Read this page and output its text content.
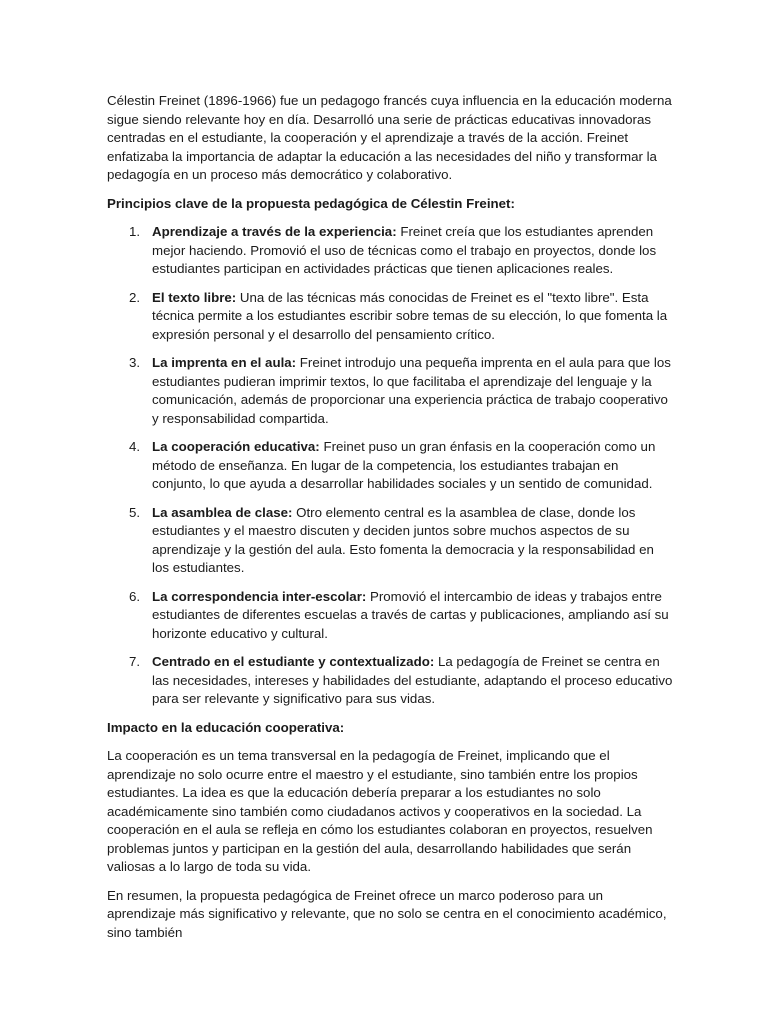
Célestin Freinet (1896-1966) fue un pedagogo francés cuya influencia en la educación moderna sigue siendo relevante hoy en día. Desarrolló una serie de prácticas educativas innovadoras centradas en el estudiante, la cooperación y el aprendizaje a través de la acción. Freinet enfatizaba la importancia de adaptar la educación a las necesidades del niño y transformar la pedagogía en un proceso más democrático y colaborativo.

Principios clave de la propuesta pedagógica de Célestin Freinet:

1. Aprendizaje a través de la experiencia: Freinet creía que los estudiantes aprenden mejor haciendo. Promovió el uso de técnicas como el trabajo en proyectos, donde los estudiantes participan en actividades prácticas que tienen aplicaciones reales.
2. El texto libre: Una de las técnicas más conocidas de Freinet es el "texto libre". Esta técnica permite a los estudiantes escribir sobre temas de su elección, lo que fomenta la expresión personal y el desarrollo del pensamiento crítico.
3. La imprenta en el aula: Freinet introdujo una pequeña imprenta en el aula para que los estudiantes pudieran imprimir textos, lo que facilitaba el aprendizaje del lenguaje y la comunicación, además de proporcionar una experiencia práctica de trabajo cooperativo y responsabilidad compartida.
4. La cooperación educativa: Freinet puso un gran énfasis en la cooperación como un método de enseñanza. En lugar de la competencia, los estudiantes trabajan en conjunto, lo que ayuda a desarrollar habilidades sociales y un sentido de comunidad.
5. La asamblea de clase: Otro elemento central es la asamblea de clase, donde los estudiantes y el maestro discuten y deciden juntos sobre muchos aspectos de su aprendizaje y la gestión del aula. Esto fomenta la democracia y la responsabilidad en los estudiantes.
6. La correspondencia inter-escolar: Promovió el intercambio de ideas y trabajos entre estudiantes de diferentes escuelas a través de cartas y publicaciones, ampliando así su horizonte educativo y cultural.
7. Centrado en el estudiante y contextualizado: La pedagogía de Freinet se centra en las necesidades, intereses y habilidades del estudiante, adaptando el proceso educativo para ser relevante y significativo para sus vidas.

Impacto en la educación cooperativa:

La cooperación es un tema transversal en la pedagogía de Freinet, implicando que el aprendizaje no solo ocurre entre el maestro y el estudiante, sino también entre los propios estudiantes. La idea es que la educación debería preparar a los estudiantes no solo académicamente sino también como ciudadanos activos y cooperativos en la sociedad. La cooperación en el aula se refleja en cómo los estudiantes colaboran en proyectos, resuelven problemas juntos y participan en la gestión del aula, desarrollando habilidades que serán valiosas a lo largo de toda su vida.

En resumen, la propuesta pedagógica de Freinet ofrece un marco poderoso para un aprendizaje más significativo y relevante, que no solo se centra en el conocimiento académico, sino también
